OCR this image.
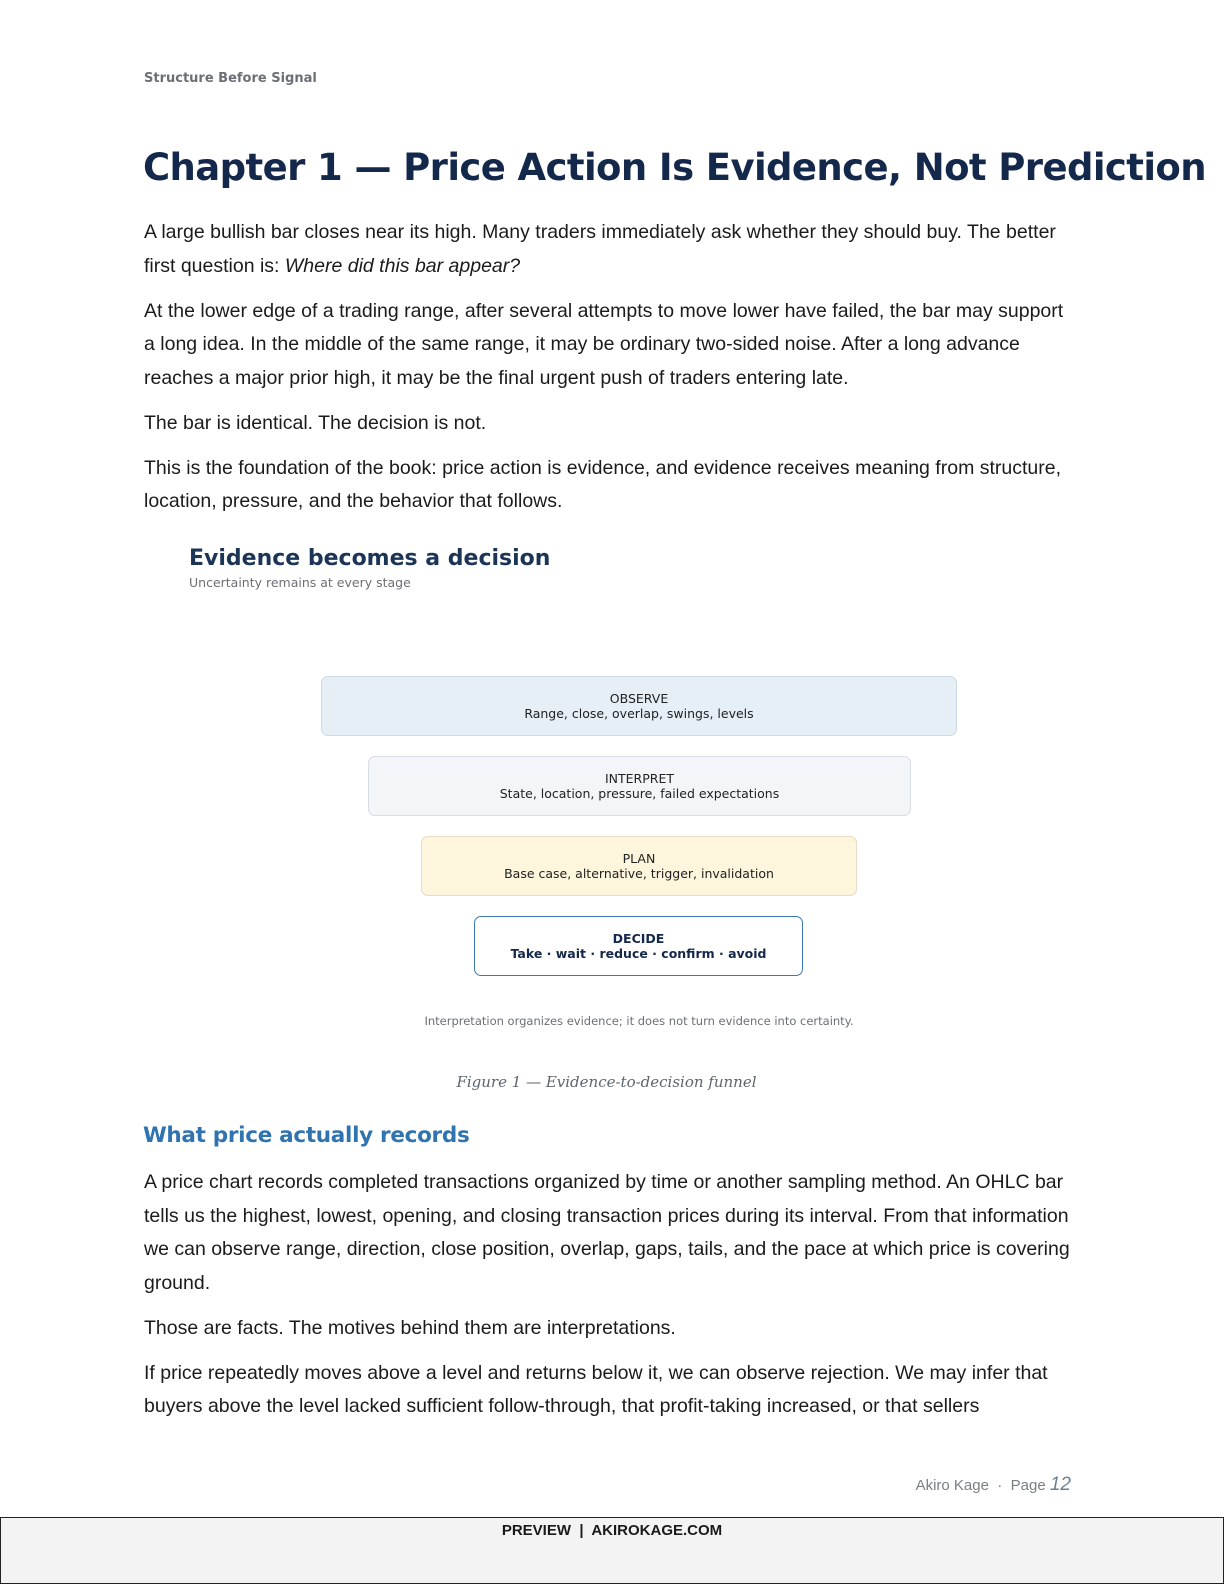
Structure Before Signal
Chapter 1 — Price Action Is Evidence, Not Prediction

A large bullish bar closes near its high. Many traders immediately ask whether they should buy. The better first question is: Where did this bar appear?

At the lower edge of a trading range, after several attempts to move lower have failed, the bar may support a long idea. In the middle of the same range, it may be ordinary two-sided noise. After a long advance reaches a major prior high, it may be the final urgent push of traders entering late.

The bar is identical. The decision is not.

This is the foundation of the book: price action is evidence, and evidence receives meaning from structure, location, pressure, and the behavior that follows.

Evidence becomes a decision
Uncertainty remains at every stage
OBSERVE
Range, close, overlap, swings, levels
INTERPRET
State, location, pressure, failed expectations
PLAN
Base case, alternative, trigger, invalidation
DECIDE
Take · wait · reduce · confirm · avoid
Interpretation organizes evidence; it does not turn evidence into certainty.
Figure 1 — Evidence-to-decision funnel
What price actually records

A price chart records completed transactions organized by time or another sampling method. An OHLC bar tells us the highest, lowest, opening, and closing transaction prices during its interval. From that information we can observe range, direction, close position, overlap, gaps, tails, and the pace at which price is covering ground.

Those are facts. The motives behind them are interpretations.

If price repeatedly moves above a level and returns below it, we can observe rejection. We may infer that buyers above the level lacked sufficient follow-through, that profit-taking increased, or that sellers

Akiro Kage · Page 12
PREVIEW | AKIROKAGE.COM
